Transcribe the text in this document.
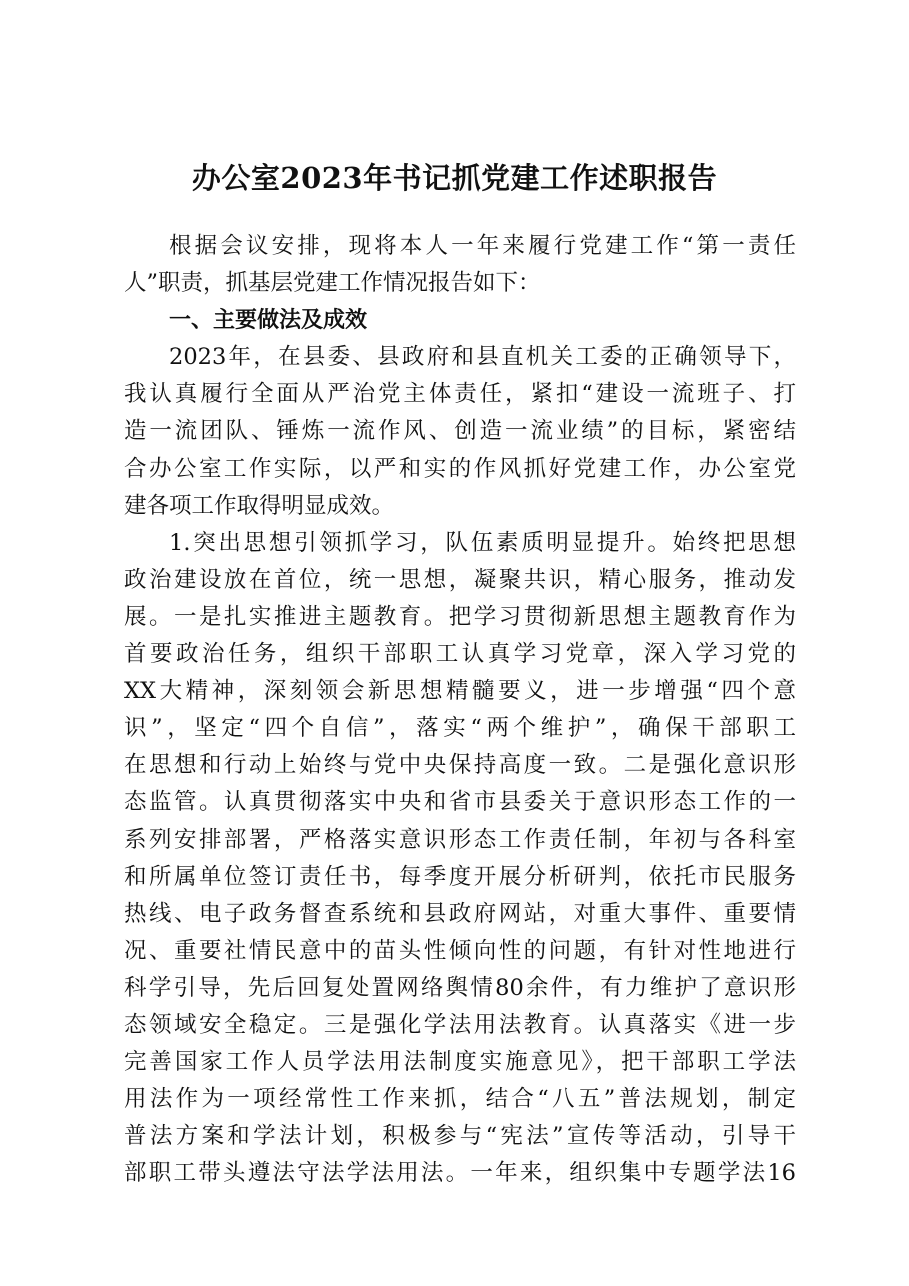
办公室2023年书记抓党建工作述职报告
根据会议安排，现将本人一年来履行党建工作“第一责任
人”职责，抓基层党建工作情况报告如下：
一、主要做法及成效
2023年，在县委、县政府和县直机关工委的正确领导下，
我认真履行全面从严治党主体责任，紧扣“建设一流班子、打
造一流团队、锤炼一流作风、创造一流业绩”的目标，紧密结
合办公室工作实际，以严和实的作风抓好党建工作，办公室党
建各项工作取得明显成效。
1.突出思想引领抓学习，队伍素质明显提升。始终把思想
政治建设放在首位，统一思想，凝聚共识，精心服务，推动发
展。一是扎实推进主题教育。把学习贯彻新思想主题教育作为
首要政治任务，组织干部职工认真学习党章，深入学习党的
XX大精神，深刻领会新思想精髓要义，进一步增强“四个意
识”，坚定“四个自信”，落实“两个维护”，确保干部职工
在思想和行动上始终与党中央保持高度一致。二是强化意识形
态监管。认真贯彻落实中央和省市县委关于意识形态工作的一
系列安排部署，严格落实意识形态工作责任制，年初与各科室
和所属单位签订责任书，每季度开展分析研判，依托市民服务
热线、电子政务督查系统和县政府网站，对重大事件、重要情
况、重要社情民意中的苗头性倾向性的问题，有针对性地进行
科学引导，先后回复处置网络舆情80余件，有力维护了意识形
态领域安全稳定。三是强化学法用法教育。认真落实《进一步
完善国家工作人员学法用法制度实施意见》，把干部职工学法
用法作为一项经常性工作来抓，结合“八五”普法规划，制定
普法方案和学法计划，积极参与“宪法”宣传等活动，引导干
部职工带头遵法守法学法用法。一年来，组织集中专题学法16
